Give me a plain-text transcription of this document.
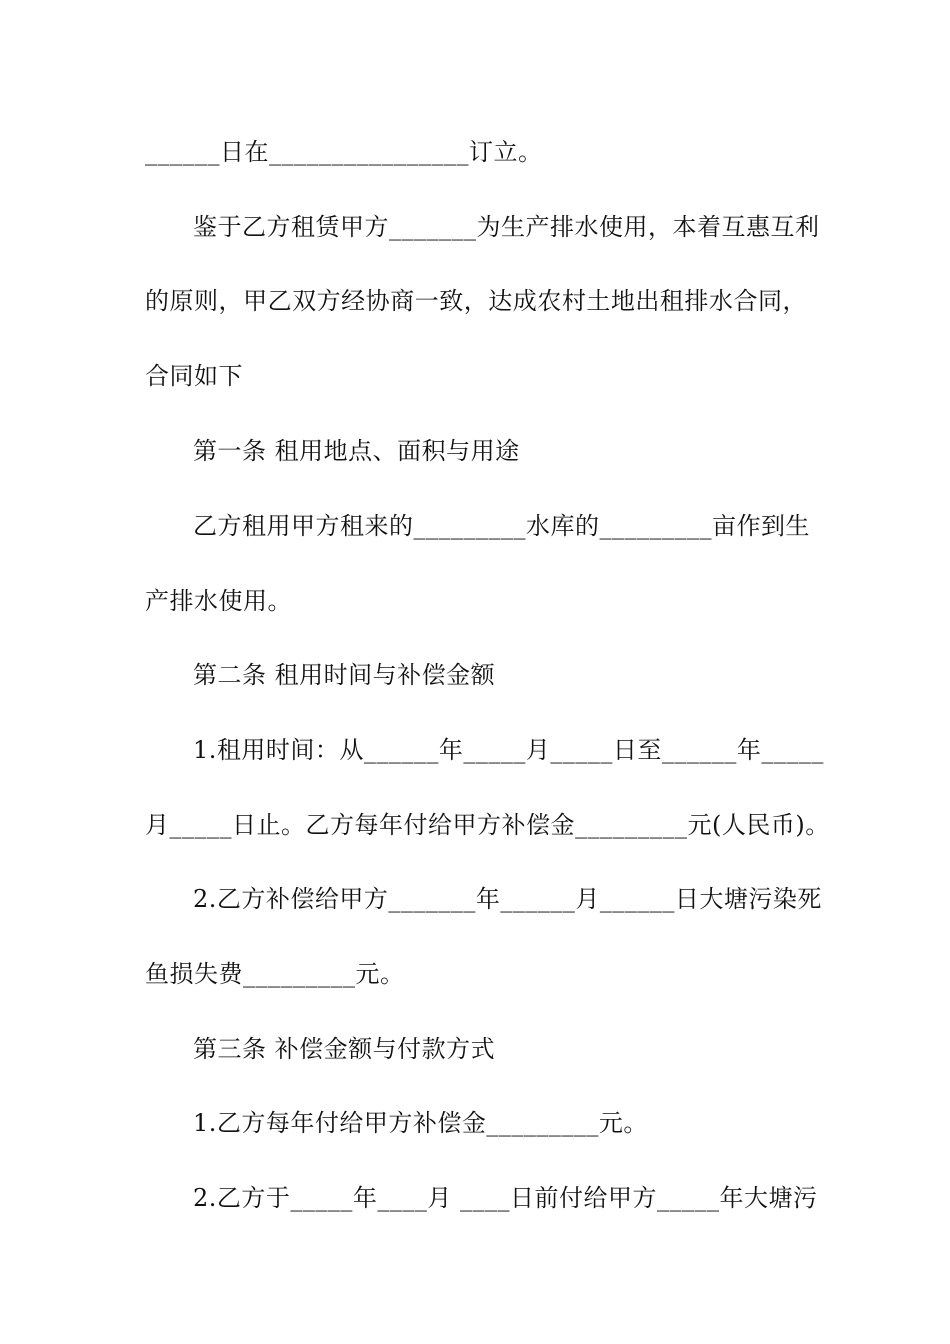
______日在________________订立。
鉴于乙方租赁甲方_______为生产排水使用，本着互惠互利
的原则，甲乙双方经协商一致，达成农村土地出租排水合同，
合同如下
第一条 租用地点、面积与用途
乙方租用甲方租来的_________水库的_________亩作到生
产排水使用。
第二条 租用时间与补偿金额
1.租用时间：从______年_____月_____日至______年_____
月_____日止。乙方每年付给甲方补偿金_________元(人民币)。
2.乙方补偿给甲方_______年______月______日大塘污染死
鱼损失费_________元。
第三条 补偿金额与付款方式
1.乙方每年付给甲方补偿金_________元。
2.乙方于_____年____月 ____日前付给甲方_____年大塘污
